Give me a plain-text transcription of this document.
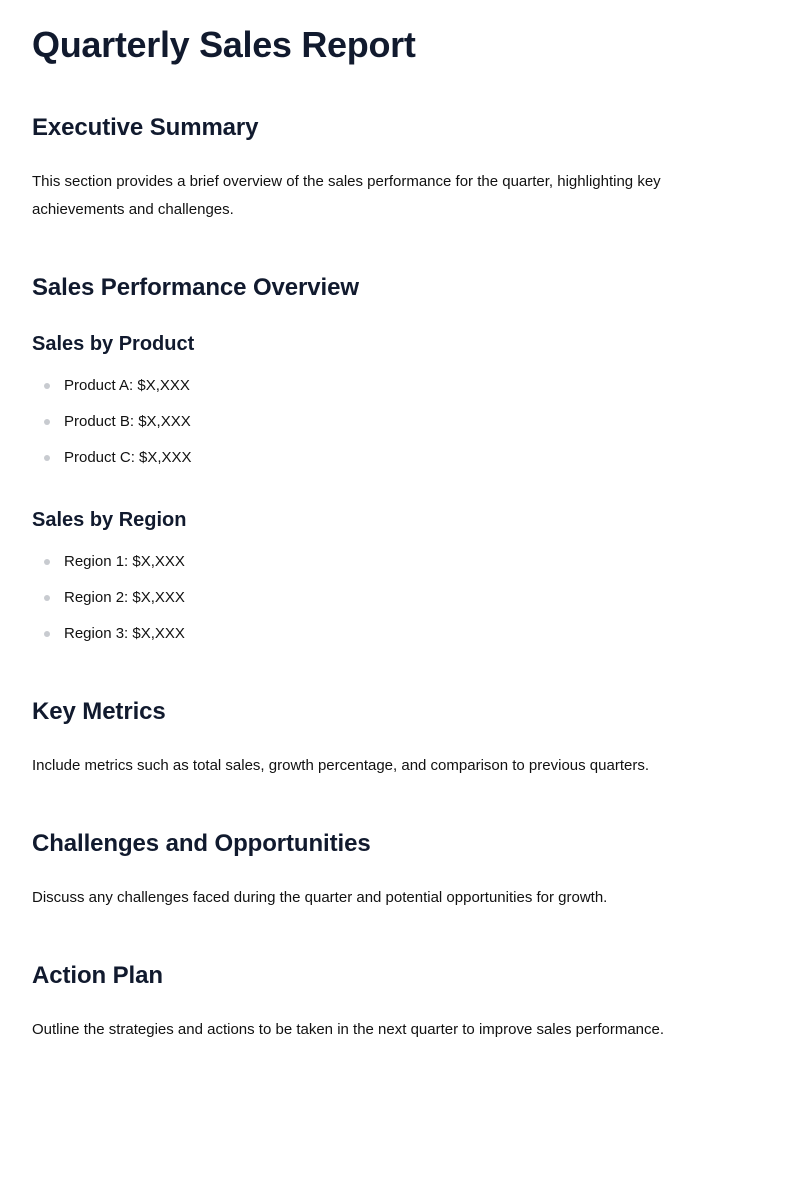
Quarterly Sales Report
Executive Summary

This section provides a brief overview of the sales performance for the quarter, highlighting key achievements and challenges.

Sales Performance Overview
Sales by Product
Product A: $X,XXX
Product B: $X,XXX
Product C: $X,XXX
Sales by Region
Region 1: $X,XXX
Region 2: $X,XXX
Region 3: $X,XXX
Key Metrics

Include metrics such as total sales, growth percentage, and comparison to previous quarters.

Challenges and Opportunities

Discuss any challenges faced during the quarter and potential opportunities for growth.

Action Plan

Outline the strategies and actions to be taken in the next quarter to improve sales performance.
